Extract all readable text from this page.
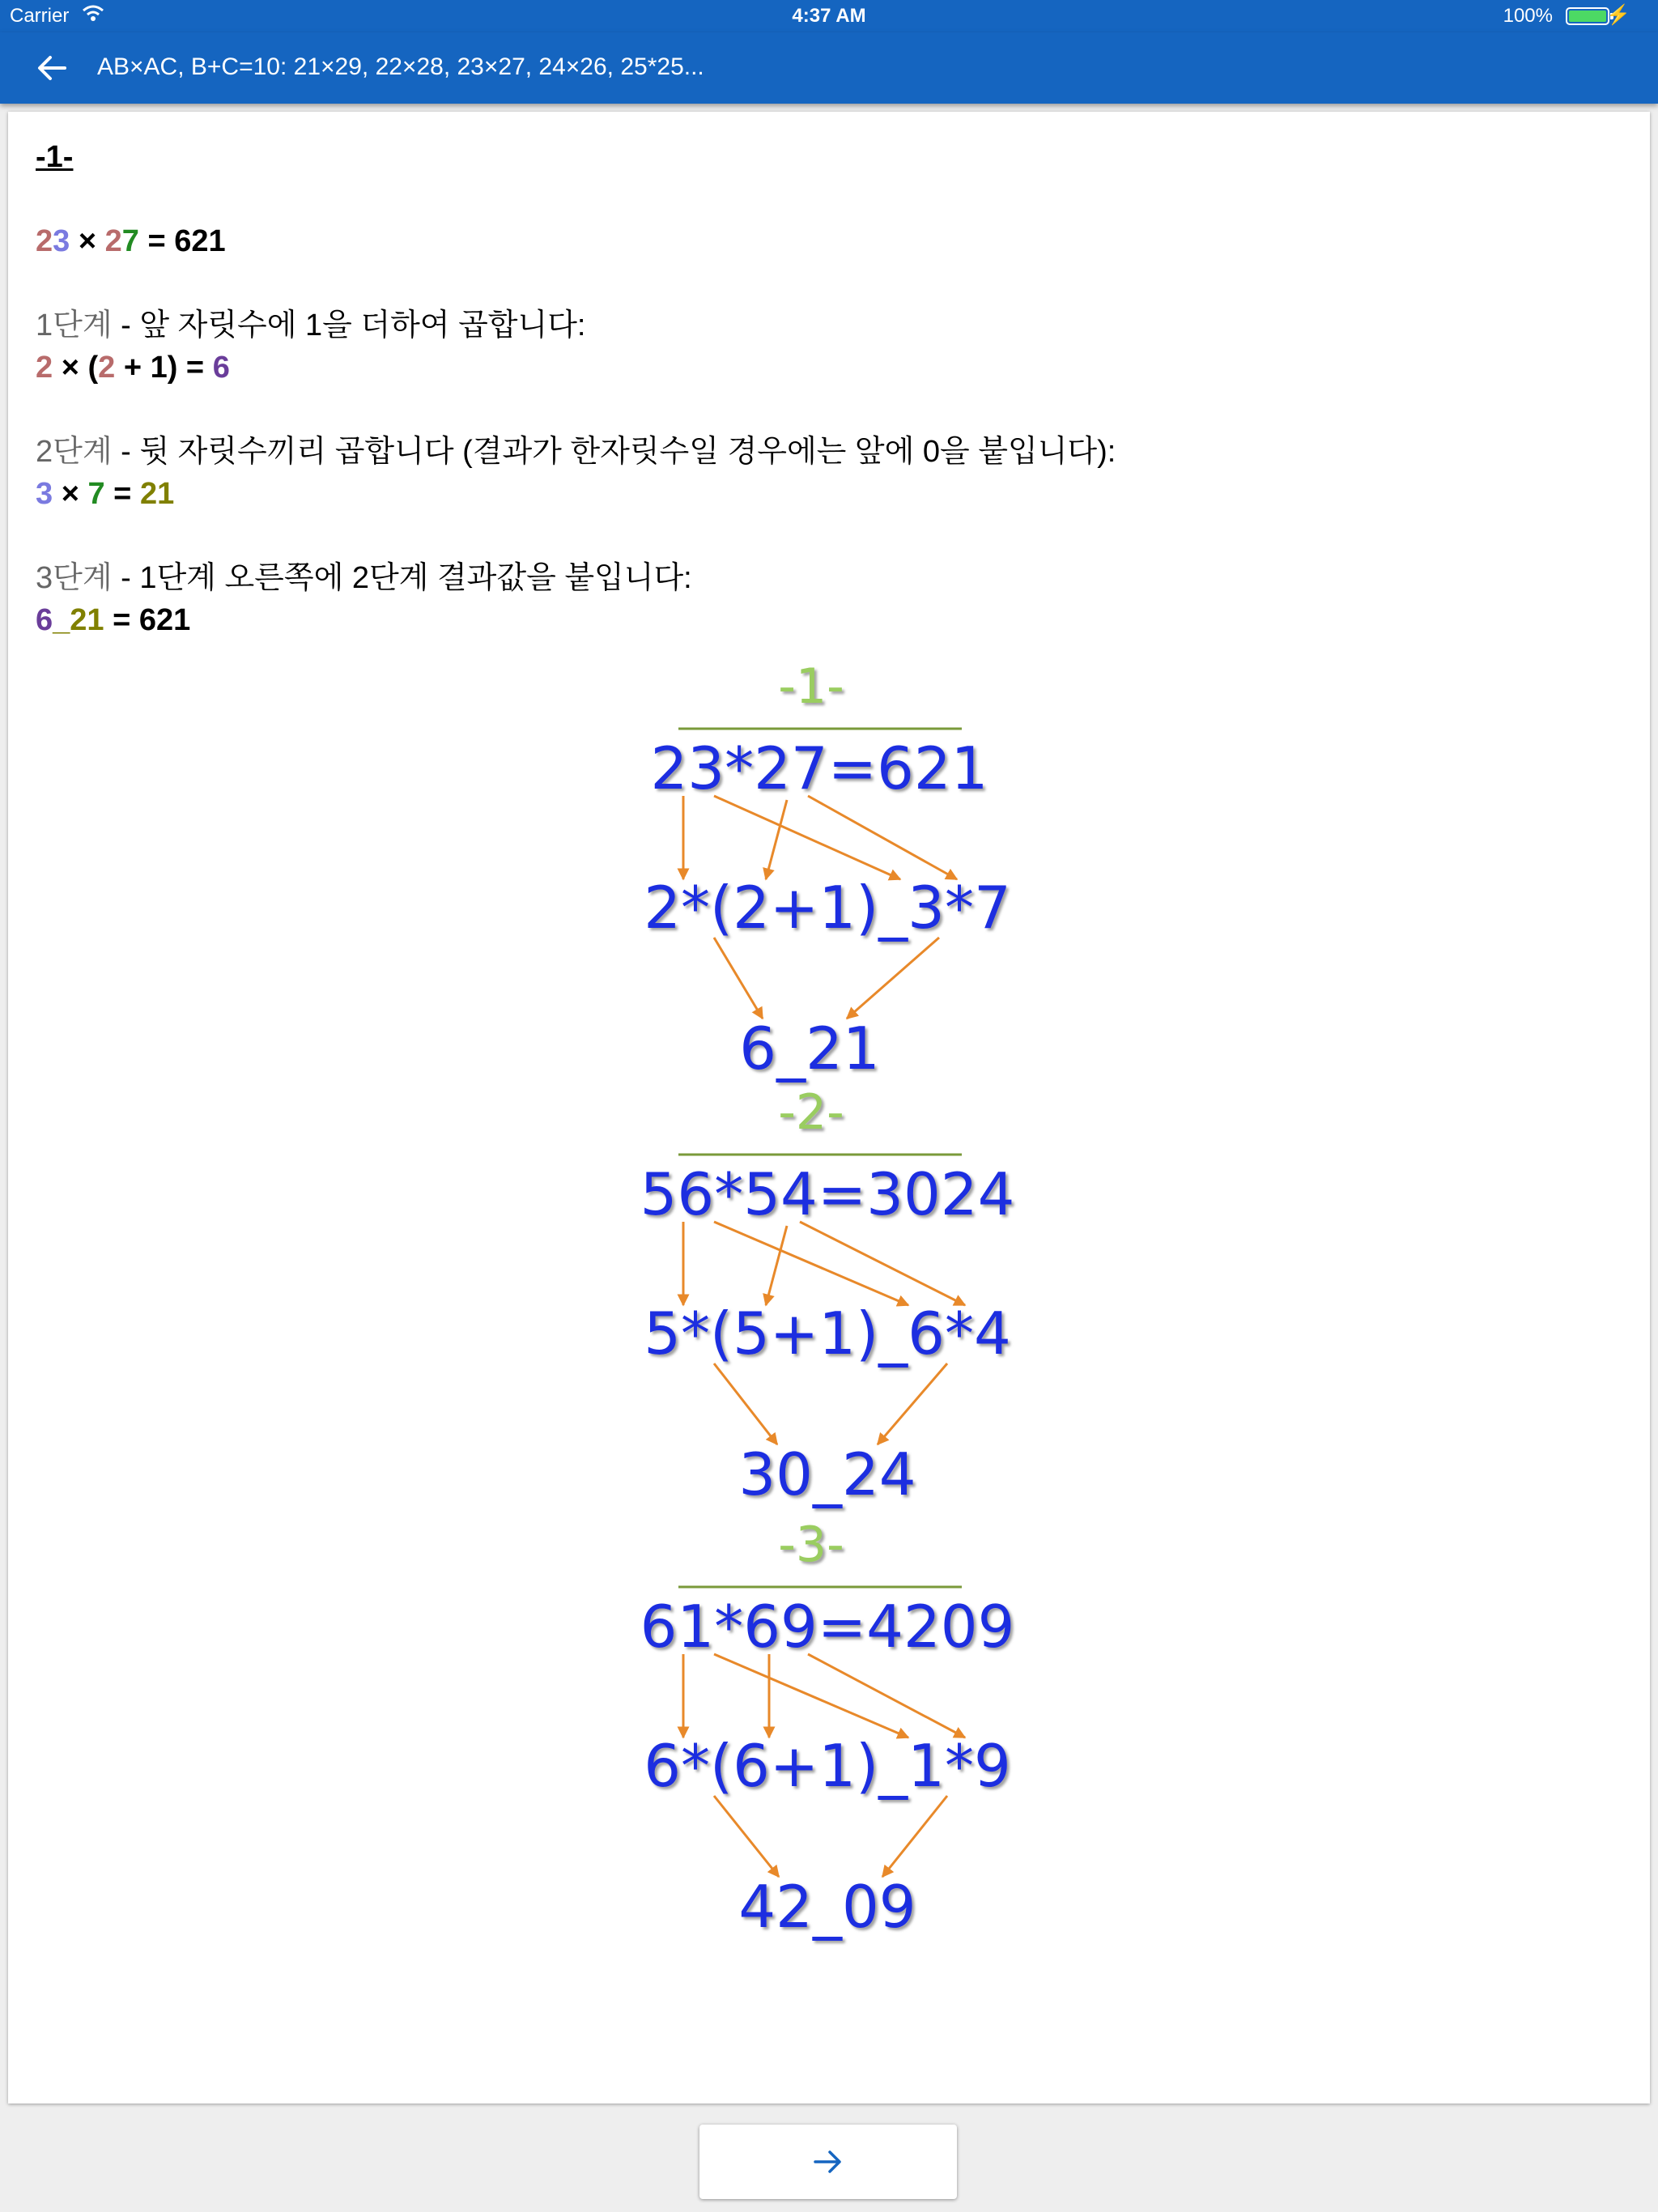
Carrier	4:37 AM	100%	⚡
AB×AC, B+C=10: 21×29, 22×28, 23×27, 24×26, 25*25...

-1-

23 × 27 = 621

1단계 - 앞 자릿수에 1을 더하여 곱합니다:

2 × (2 + 1) = 6

2단계 - 뒷 자릿수끼리 곱합니다 (결과가 한자릿수일 경우에는 앞에 0을 붙입니다):

3 × 7 = 21

3단계 - 1단계 오른쪽에 2단계 결과값을 붙입니다:

6_21 = 621

-1-
23*27=621
2*(2+1)_3*7
6_21
-2-
56*54=3024
5*(5+1)_6*4
30_24
-3-
61*69=4209
6*(6+1)_1*9
42_09
